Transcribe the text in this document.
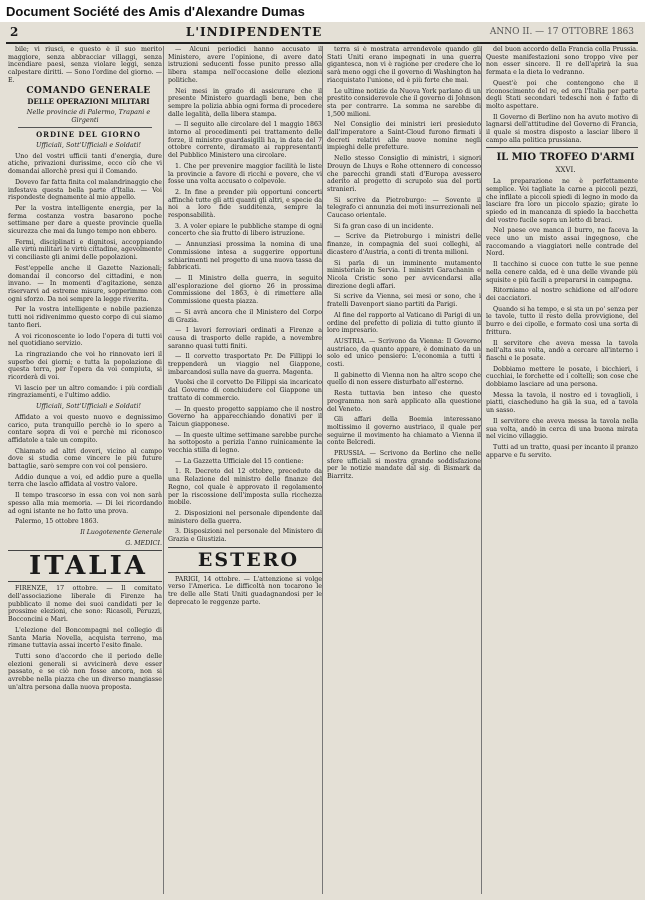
Document Société des Amis d'Alexandre Dumas
2	L'INDIPENDENTE	ANNO II. — 17 OTTOBRE 1863

bile; vi riusci, e questo è il suo merito maggiore, senza abbracciar villaggi, senza incendiare paesi, senza violare leggi, senza calpestare diritti. — Sono l'ordine del giorno. — E.

COMANDO GENERALE

DELLE OPERAZIONI MILITARI

Nelle provincie di Palermo, Trapani e Girgenti

ORDINE DEL GIORNO

Ufficiali, Sott'Ufficiali e Soldati!

Uno del vostri ufficii tanti d'energia, dure atiche, privazioni durissime, ecco ciò che vi domandai allorchè presi qui il Comando.

Dovevo far fatta finita col malandrinaggio che infestava questa bella parte d'Italia. — Voi rispondeste degnamente al mio appello.

Per la vostra intelligente energia, per la ferma costanza vostra basarono poche settimane per dare a queste provincie quella sicurezza che mai da lungo tempo non ebbero.

Fermi, disciplinati e dignitosi, accoppiando alle virtù militari le virtù cittadine, agevolmente vi conciliaste gli animi delle popolazioni.

Fest'eppelle anche il Gazette Nazionali; domandai il concorso del cittadini, e non invano. — In momenti d'agitazione, senza riservarvi ad estreme misure, sopperimmo con ogni sforzo. Da noi sempre la legge riverita.

Per la vostra intelligente e nobile pazienza tutti noi ridivenimmo questo corpo di cui siamo tanto fieri.

A voi riconoscente io lodo l'opera di tutti voi nel quotidiano servizio.

La ringraziando che voi ho rinnovato ieri il superbo dei giorni; e tutta la popolazione di questa terra, per l'opera da voi compiuta, si ricorderà di voi.

Vi lascio per un altro comando: i più cordiali ringraziamenti, e l'ultimo addio.

Ufficiali, Sott'Ufficiali e Soldati!

Affidato a voi questo nuovo e degnissimo carico, puta tranquillo perchè io lo spero a contare sopra di voi e perchè mi riconosco affidatole a tale un compito.

Chiamato ad altri doveri, vicino al campo dove si studia come vincere le più future battaglie, sarò sempre con voi col pensiero.

Addio dunque a voi, ed addio pure a quella terra che lascio affidata al vostro valore.

Il tempo trascorso in essa con voi non sarà spesso alla mia memoria. — Di lei ricordando ad ogni istante ne ho fatto una prova.

Palermo, 15 ottobre 1863.

Il Luogotenente Generale

G. MEDICI.

ITALIA

FIRENZE, 17 ottobre. — Il comitato dell'associazione liberale di Firenze ha pubblicato il nome dei suoi candidati per le prossime elezioni, che sono: Ricasoli, Peruzzi, Bocconcini e Mari.

L'elezione del Boncompagni nel collegio di Santa Maria Novella, acquista terreno, ma rimane tuttavia assai incerto l'esito finale.

Tutti sono d'accordo che il periodo delle elezioni generali si avvicinerà deve esser passato, e se ciò non fosse ancora, non si avrebbe nella piazza che un diverso mangiasse un'altra persona dalla nuova proposta.

— Alcuni periodici hanno accusato il Ministero, avere l'opinione, di avere dato istruzioni seducenti fosse punito presso alla libera stampa nell'occasione delle elezioni politiche.

Nei mesi in grado di assicurare che il presente Ministero guardagli bene, ben che sempre la polizia abbia ogni forma di procedere dalle legalità, della libera stampa.

— Il seguito alle circolare del 1 maggio 1863 intorno al procedimenti pei trattamento delle forze, il ministro guardasigilli ha, in data del 7 ottobre corrente, diramato ai rappresentanti del Pubblico Ministero una circolare.

1. Che per prevenire maggior facilità le liste la provincie a favore di ricchi e povere, che vi fosse una volta accusato o colpevole.

2. In fine a prender più opportuni concerti affinchè tutte gli atti quanti gli altri, e specie da noi a loro fide sudditenza, sempre la responsabilità.

3. A voler epiare le pubbliche stampe di ogni concerto che sia frutto di libero istruzione.

— Annunziasi prossima la nomina di una Commissione intesa a suggerire opportuni schiarimenti nel progetto di una nuova tassa da fabbricati.

— Il Ministro della guerra, in seguito all'esplorazione del giorno 26 in prossima Commissione del 1863, è di rimettere alla Commissione questa piazza.

— Si avrà ancora che il Ministero del Corpo di Grazia.

— I lavori ferroviari ordinati a Firenze a causa di trasporto delle rapide, a novembre saranno quasi tutti finiti.

— Il corvetto trasportato Pr. De Fillippi lo treppenderà un viaggio nel Giappone, imbarcandosi sulla nave da guerra. Magenta.

Vuolsi che il corvetto De Filippi sia incaricato dal Governo di conchiudere col Giappone un trattato di commercio.

— In questo progetto sappiamo che il nostro Governo ha apparecchiando donativi per il Taicun giapponese.

— In queste ultime settimane sarebbe purche ha sottoposto a perizia l'anno ruinicamente la vecchia stilla di legno.

— La Gazzetta Ufficiale del 15 contiene:

1. R. Decreto del 12 ottobre, preceduto da una Relazione del ministro delle finanze del Regno, col quale è approvato il regolamento per la riscossione dell'imposta sulla ricchezza mobile.

2. Disposizioni nel personale dipendente dal ministero della guerra.

3. Disposizioni nel personale del Ministero di Grazia e Giustizia.

ESTERO

PARIGI, 14 ottobre. — L'attenzione si volge verso l'America. Le difficoltà non tocarono le tre delle alle Stati Uniti guadagnandosi per le deprecato le reggenze parte.

terra si è mostrata arrendevole quando gli Stati Uniti erano impegnati in una guerra gigantesca, non vi è ragione per credere che lo sarà meno oggi che il governo di Washington ha riacquistato l'unione, ed è più forte che mai.

Le ultime notizie da Nuova York parlano di un prestito considerevole che il governo di Johnson sta per contrarre. La somma ne sarebbe di 1,500 milioni.

Nel Consiglio dei ministri ieri presieduto dall'imperatore a Saint-Cloud furono firmati i decreti relativi alle nuove nomine negli impieghi delle prefetture.

Nello stesso Consiglio di ministri, i signori Drouyn de Lhuys e Rohe ottennero di concesso che parecchi grandi stati d'Europa avessero aderito al progetto di scrupolo sua del porti stranieri.

Si scrive da Pietroburgo: — Sovente il telegrafo ci annunzia dei moti insurrezionali nel Caucaso orientale.

Si fa gran caso di un incidente.

— Scrive da Pietroburgo i ministri delle finanze, in compagnia del suoi colleghi, al dicastero d'Austria, a conti di trenta milioni.

Si parla di un imminente mutamento ministeriale in Servia. I ministri Garachanin e Nicola Cristic sono per avvicendarsi alla direzione degli affari.

Si scrive da Vienna, sei mesi or sono, che i fratelli Davenport siano partiti da Parigi.

Al fine del rapporto al Vaticano di Parigi di un ordine del prefetto di polizia di tutto giunto il loro impresario.

AUSTRIA. — Scrivono da Vienna: Il Governo austriaco, da quanto appare, è dominato da un solo ed unico pensiero: L'economia a tutti i costi.

Il gabinetto di Vienna non ha altro scopo che quello di non essere disturbato all'esterno.

Resta tuttavia ben inteso che questo programma non sarà applicato alla questione del Veneto.

Gli affari della Boemia interessano moltissimo il governo austriaco, il quale per seguirne il movimento ha chiamato a Vienna il conte Belcredi.

PRUSSIA. — Scrivono da Berlino che nelle sfere ufficiali si mostra grande soddisfazione per le notizie mandate dal sig. di Bismark da Biarritz.

del buon accordo della Francia colla Prussia. Queste manifestazioni sono troppo vive per non esser sincere. Il re dell'aprirà la sua fermata e la dieta lo vedranno.

Quest'è poi che contengono che il riconoscimento del re, ed ora l'Italia per parte degli Stati secondari tedeschi non è fatto di molto aspettare.

Il Governo di Berlino non ha avuto motivo di lagnarsi dell'attitudine del Governo di Francia, il quale si mostra disposto a lasciar libero il campo alla politica prussiana.

IL MIO TROFEO D'ARMI

XXVI.

La preparazione ne è perfettamente semplice. Voi tagliate la carne a piccoli pezzi, che infilate a piccoli spiedi di legno in modo da lasciare fra loro un piccolo spazio; girate lo spiedo ed in mancanza di spiedo la bacchetta del vostro fucile sopra un letto di braci.

Nel paese ove manca il burro, ne faceva la vece uno un misto assai ingegnoso, che raccomando a viaggiatori nelle contrade del Nord.

Il tacchino si cuoce con tutte le sue penne nella cenere calda, ed è una delle vivande più squisite e più facili a prepararsi in campagna.

Ritorniamo al nostro schidione ed all'odore dei cacciatori.

Quando si ha tempo, e si sta un po' senza per le tavole, tutto il resto della provvigione, del burro e dei cipolle, e formato così una sorta di frittura.

Il servitore che aveva messa la tavola nell'alta sua volta, andò a cercare all'interno i fiaschi e le posate.

Dobbiamo mettere le posate, i bicchieri, i cucchiai, le forchette ed i coltelli; son cose che dobbiamo lasciare ad una persona.

Messa la tavola, il nostro ed i tovaglioli, i piatti, ciascheduno ha già la sua, ed a tavola un sasso.

Il servitore che aveva messa la tavola nella sua volta, andò in cerca di una buona mirata nel vicino villaggio.

Tutti ad un tratto, quasi per incanto il pranzo apparve e fu servito.
